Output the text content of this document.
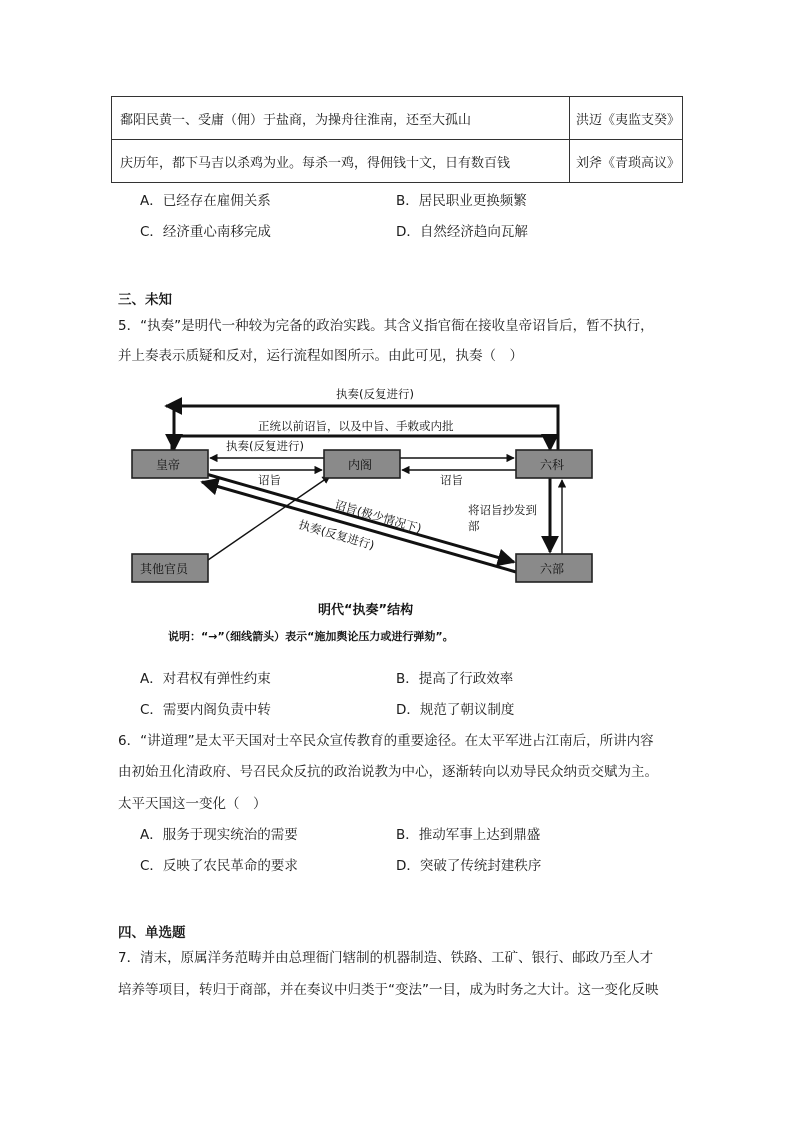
鄱阳民黄一、受庸（佣）于盐商，为操舟往淮南，还至大孤山	洪迈《夷监支癸》
庆历年，都下马吉以杀鸡为业。每杀一鸡，得佣钱十文，日有数百钱	刘斧《青琐高议》
A．已经存在雇佣关系	B．居民职业更换频繁
C．经济重心南移完成	D．自然经济趋向瓦解
三、未知
5．“执奏”是明代一种较为完备的政治实践。其含义指官衙在接收皇帝诏旨后，暂不执行，
并上奏表示质疑和反对，运行流程如图所示。由此可见，执奏（　）
执奏(反复进行)
正统以前诏旨，以及中旨、手敕或内批
执奏(反复进行)
诏旨	诏旨
将诏旨抄发到
部
诏旨(极少情况下)
执奏(反复进行)
皇帝	内阁	六科
六部
其他官员
明代“执奏”结构
说明：“→”（细线箭头）表示“施加舆论压力或进行弹劾”。
A．对君权有弹性约束	B．提高了行政效率
C．需要内阁负责中转	D．规范了朝议制度
6．“讲道理”是太平天国对士卒民众宣传教育的重要途径。在太平军进占江南后，所讲内容
由初始丑化清政府、号召民众反抗的政治说教为中心，逐渐转向以劝导民众纳贡交赋为主。
太平天国这一变化（　）
A．服务于现实统治的需要	B．推动军事上达到鼎盛
C．反映了农民革命的要求	D．突破了传统封建秩序
四、单选题
7．清末，原属洋务范畴并由总理衙门辖制的机器制造、铁路、工矿、银行、邮政乃至人才
培养等项目，转归于商部，并在奏议中归类于“变法”一目，成为时务之大计。这一变化反映
